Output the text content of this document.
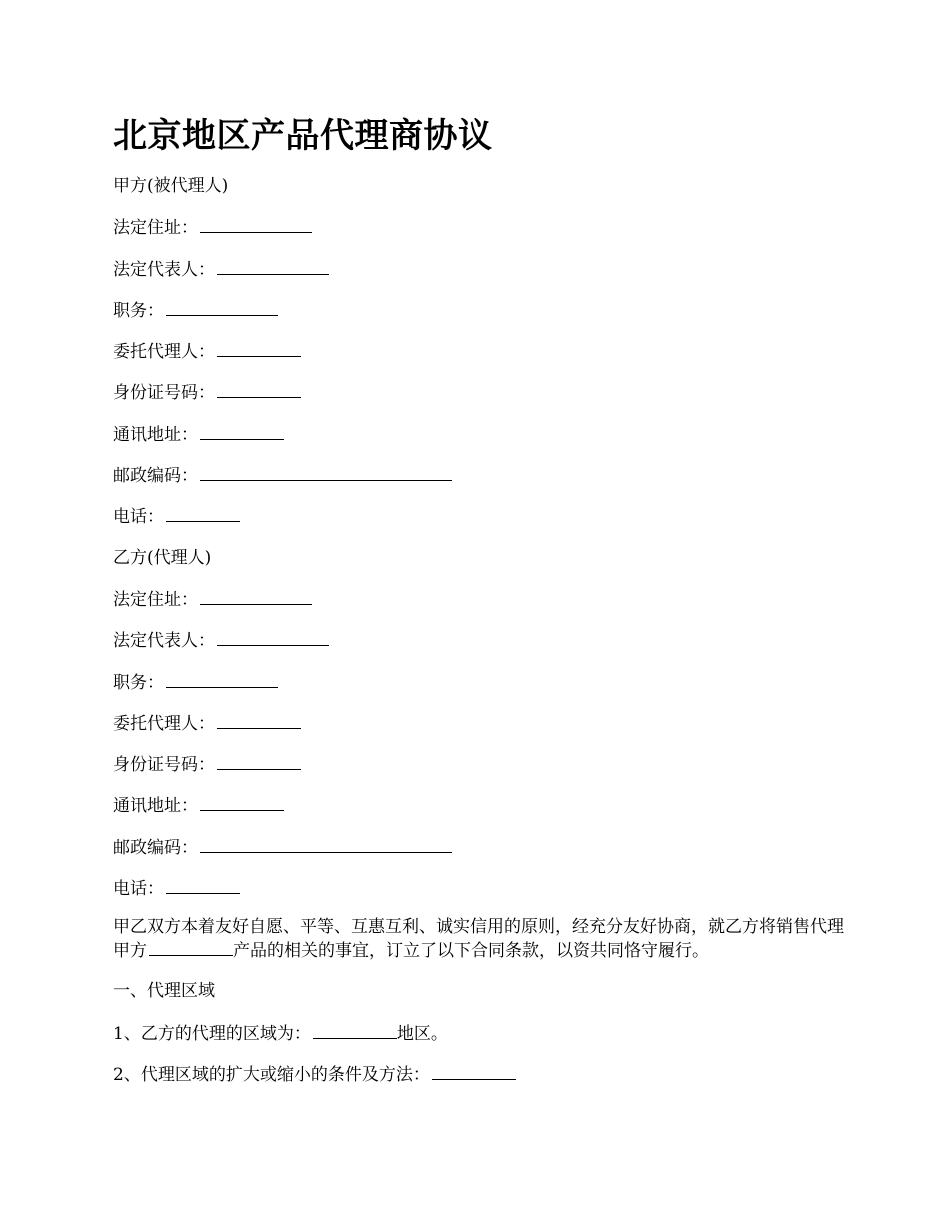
北京地区产品代理商协议
甲方(被代理人)
法定住址：
法定代表人：
职务：
委托代理人：
身份证号码：
通讯地址：
邮政编码：
电话：
乙方(代理人)
法定住址：
法定代表人：
职务：
委托代理人：
身份证号码：
通讯地址：
邮政编码：
电话：
甲乙双方本着友好自愿、平等、互惠互利、诚实信用的原则，经充分友好协商，就乙方将销售代理甲方	产品的相关的事宜，订立了以下合同条款，以资共同恪守履行。
一、代理区域
1、乙方的代理的区域为：	地区。
2、代理区域的扩大或缩小的条件及方法：
